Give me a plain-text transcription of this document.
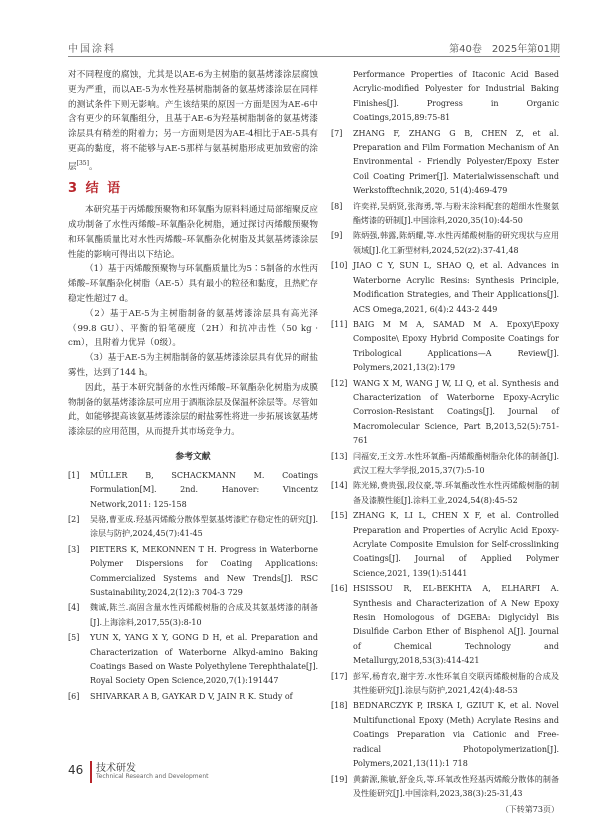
中国涂料	第40卷　2025年第01期

对不同程度的腐蚀，尤其是以AE-6为主树脂的氨基烤漆涂层腐蚀更为严重，而以AE-5为水性羟基树脂制备的氨基烤漆涂层在同样的测试条件下则无影响。产生该结果的原因一方面是因为AE-6中含有更少的环氧酯组分，且基于AE-6为羟基树脂制备的氨基烤漆涂层具有稍差的附着力；另一方面则是因为AE-4相比于AE-5具有更高的黏度，将不能够与AE-5那样与氨基树脂形成更加致密的涂层[35]。

3 结 语

本研究基于丙烯酸预聚物和环氧酯为原料料通过局部缩聚反应成功制备了水性丙烯酸–环氧酯杂化树脂，通过探讨丙烯酸预聚物和环氧酯质量比对水性丙烯酸–环氧酯杂化树脂及其氨基烤漆涂层性能的影响可得出以下结论。

（1）基于丙烯酸预聚物与环氧酯质量比为5∶5制备的水性丙烯酸–环氧酯杂化树脂（AE-5）具有最小的粒径和黏度，且热贮存稳定性超过7 d。

（2）基于AE-5为主树脂制备的氨基烤漆涂层具有高光泽（99.8 GU）、平衡的铅笔硬度（2H）和抗冲击性（50 kg · cm），且附着力优异（0级）。

（3）基于AE-5为主树脂制备的氨基烤漆涂层具有优异的耐盐雾性，达到了144 h。

因此，基于本研究制备的水性丙烯酸–环氧酯杂化树脂为成膜物制备的氨基烤漆涂层可应用于酒瓶涂层及保温杯涂层等。尽管如此，如能够提高该氨基烤漆涂层的耐盐雾性将进一步拓展该氨基烤漆涂层的应用范围，从而提升其市场竞争力。

参考文献
[1]	MÜLLER B, SCHACKMANN M. Coatings Formulation[M]. 2nd. Hanover: Vincentz Network,2011: 125-158
[2]	吴骆,曹亚成.羟基丙烯酸分散体型氨基烤漆贮存稳定性的研究[J].涂层与防护,2024,45(7):41-45
[3]	PIETERS K, MEKONNEN T H. Progress in Waterborne Polymer Dispersions for Coating Applications: Commercialized Systems and New Trends[J]. RSC Sustainability,2024,2(12):3 704-3 729
[4]	魏诚,陈兰.高固含量水性丙烯酸树脂的合成及其氨基烤漆的制备[J].上海涂料,2017,55(3):8-10
[5]	YUN X, YANG X Y, GONG D H, et al. Preparation and Characterization of Waterborne Alkyd-amino Baking Coatings Based on Waste Polyethylene Terephthalate[J]. Royal Society Open Science,2020,7(1):191447
[6]	SHIVARKAR A B, GAYKAR D V, JAIN R K. Study of
Performance Properties of Itaconic Acid Based Acrylic-modified Polyester for Industrial Baking Finishes[J]. Progress in Organic Coatings,2015,89:75-81
[7]	ZHANG F, ZHANG G B, CHEN Z, et al. Preparation and Film Formation Mechanism of An Environmental - Friendly Polyester/Epoxy Ester Coil Coating Primer[J]. Materialwissenschaft und Werkstofftechnik,2020, 51(4):469-479
[8]	许奕祥,吴炳贤,张海勇,等.与粉末涂料配套的超细水性聚氨酯烤漆的研制[J].中国涂料,2020,35(10):44-50
[9]	陈炳强,韩露,陈炳耀,等.水性丙烯酸树脂的研究现状与应用领域[J].化工新型材料,2024,52(z2):37-41,48
[10] JIAO C Y, SUN L, SHAO Q, et al. Advances in Waterborne Acrylic Resins: Synthesis Principle, Modification Strategies, and Their Applications[J]. ACS Omega,2021, 6(4):2 443-2 449
[11] BAIG M M A, SAMAD M A. Epoxy\Epoxy Composite\ Epoxy Hybrid Composite Coatings for Tribological Applications—A Review[J]. Polymers,2021,13(2):179
[12] WANG X M, WANG J W, LI Q, et al. Synthesis and Characterization of Waterborne Epoxy-Acrylic Corrosion-Resistant Coatings[J]. Journal of Macromolecular Science, Part B,2013,52(5):751-761
[13] 闫福安,王文芳.水性环氧酯–丙烯酸酯树脂杂化体的制备[J].武汉工程大学学报,2015,37(7):5-10
[14] 陈光娣,费贵强,段仪豪,等.环氧酯改性水性丙烯酸树脂的制备及漆膜性能[J].涂料工业,2024,54(8):45-52
[15] ZHANG K, LI L, CHEN X F, et al. Controlled Preparation and Properties of Acrylic Acid Epoxy-Acrylate Composite Emulsion for Self-crosslinking Coatings[J]. Journal of Applied Polymer Science,2021, 139(1):51441
[16] HSISSOU R, EL-BEKHTA A, ELHARFI A. Synthesis and Characterization of A New Epoxy Resin Homologous of DGEBA: Diglycidyl Bis Disulfide Carbon Ether of Bisphenol A[J]. Journal of Chemical Technology and Metallurgy,2018,53(3):414-421
[17] 彭军,杨育农,谢宇芳.水性环氧自交联丙烯酸树脂的合成及其性能研究[J].涂层与防护,2021,42(4):48-53
[18] BEDNARCZYK P, IRSKA I, GZIUT K, et al. Novel Multifunctional Epoxy (Meth) Acrylate Resins and Coatings Preparation via Cationic and Free-radical Photopolymerization[J]. Polymers,2021,13(11):1 718
[19] 黄薪源,熊敏,舒金兵,等.环氧改性羟基丙烯酸分散体的制备及性能研究[J].中国涂料,2023,38(3):25-31,43
（下转第73页）
46 技术研发
Technical Research and Development
